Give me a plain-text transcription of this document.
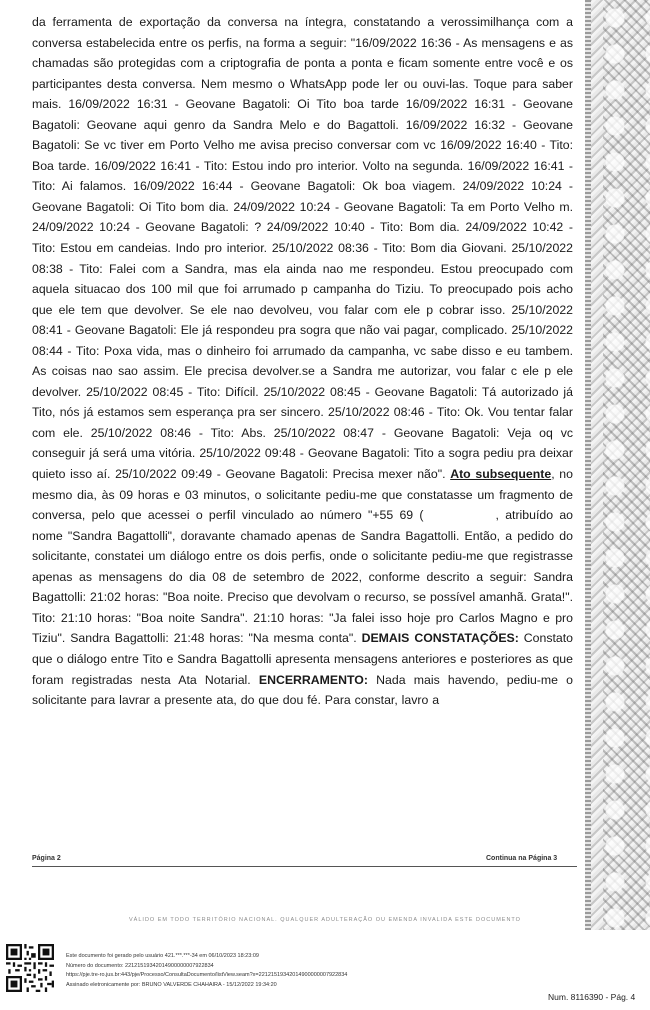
da ferramenta de exportação da conversa na íntegra, constatando a verossimilhança com a conversa estabelecida entre os perfis, na forma a seguir: "16/09/2022 16:36 - As mensagens e as chamadas são protegidas com a criptografia de ponta a ponta e ficam somente entre você e os participantes desta conversa. Nem mesmo o WhatsApp pode ler ou ouvi-las. Toque para saber mais. 16/09/2022 16:31 - Geovane Bagatoli: Oi Tito boa tarde 16/09/2022 16:31 - Geovane Bagatoli: Geovane aqui genro da Sandra Melo e do Bagattoli. 16/09/2022 16:32 - Geovane Bagatoli: Se vc tiver em Porto Velho me avisa preciso conversar com vc 16/09/2022 16:40 - Tito: Boa tarde. 16/09/2022 16:41 - Tito: Estou indo pro interior. Volto na segunda. 16/09/2022 16:41 - Tito: Ai falamos. 16/09/2022 16:44 - Geovane Bagatoli: Ok boa viagem. 24/09/2022 10:24 - Geovane Bagatoli: Oi Tito bom dia. 24/09/2022 10:24 - Geovane Bagatoli: Ta em Porto Velho m. 24/09/2022 10:24 - Geovane Bagatoli: ? 24/09/2022 10:40 - Tito: Bom dia. 24/09/2022 10:42 - Tito: Estou em candeias. Indo pro interior. 25/10/2022 08:36 - Tito: Bom dia Giovani. 25/10/2022 08:38 - Tito: Falei com a Sandra, mas ela ainda nao me respondeu. Estou preocupado com aquela situacao dos 100 mil que foi arrumado p campanha do Tiziu. To preocupado pois acho que ele tem que devolver. Se ele nao devolveu, vou falar com ele p cobrar isso. 25/10/2022 08:41 - Geovane Bagatoli: Ele já respondeu pra sogra que não vai pagar, complicado. 25/10/2022 08:44 - Tito: Poxa vida, mas o dinheiro foi arrumado da campanha, vc sabe disso e eu tambem. As coisas nao sao assim. Ele precisa devolver.se a Sandra me autorizar, vou falar c ele p ele devolver. 25/10/2022 08:45 - Tito: Difícil. 25/10/2022 08:45 - Geovane Bagatoli: Tá autorizado já Tito, nós já estamos sem esperança pra ser sincero. 25/10/2022 08:46 - Tito: Ok. Vou tentar falar com ele. 25/10/2022 08:46 - Tito: Abs. 25/10/2022 08:47 - Geovane Bagatoli: Veja oq vc conseguir já será uma vitória. 25/10/2022 09:48 - Geovane Bagatoli: Tito a sogra pediu pra deixar quieto isso aí. 25/10/2022 09:49 - Geovane Bagatoli: Precisa mexer não". Ato subsequente, no mesmo dia, às 09 horas e 03 minutos, o solicitante pediu-me que constatasse um fragmento de conversa, pelo que acessei o perfil vinculado ao número "+55 69 (	, atribuído ao nome "Sandra Bagattolli", doravante chamado apenas de Sandra Bagattolli. Então, a pedido do solicitante, constatei um diálogo entre os dois perfis, onde o solicitante pediu-me que registrasse apenas as mensagens do dia 08 de setembro de 2022, conforme descrito a seguir: Sandra Bagattolli: 21:02 horas: "Boa noite. Preciso que devolvam o recurso, se possível amanhã. Grata!". Tito: 21:10 horas: "Boa noite Sandra". 21:10 horas: "Ja falei isso hoje pro Carlos Magno e pro Tiziu". Sandra Bagattolli: 21:48 horas: "Na mesma conta". DEMAIS CONSTATAÇÕES: Constato que o diálogo entre Tito e Sandra Bagattolli apresenta mensagens anteriores e posteriores as que foram registradas nesta Ata Notarial. ENCERRAMENTO: Nada mais havendo, pediu-me o solicitante para lavrar a presente ata, do que dou fé. Para constar, lavro a

Página 2	Continua na Página 3
VÁLIDO EM TODO TERRITÓRIO NACIONAL. QUALQUER ADULTERAÇÃO OU EMENDA INVALIDA ESTE DOCUMENTO
Este documento foi gerado pelo usuário 421.***.***-34 em 06/10/2023 18:23:09
Número do documento: 22121519342014900000007922834
https://pje.tre-ro.jus.br:443/pje/Processo/ConsultaDocumento/listView.seam?x=22121519342014900000007922834
Assinado eletronicamente por: BRUNO VALVERDE CHAHAIRA - 15/12/2022 19:34:20
Num. 8116390 - Pág. 4
